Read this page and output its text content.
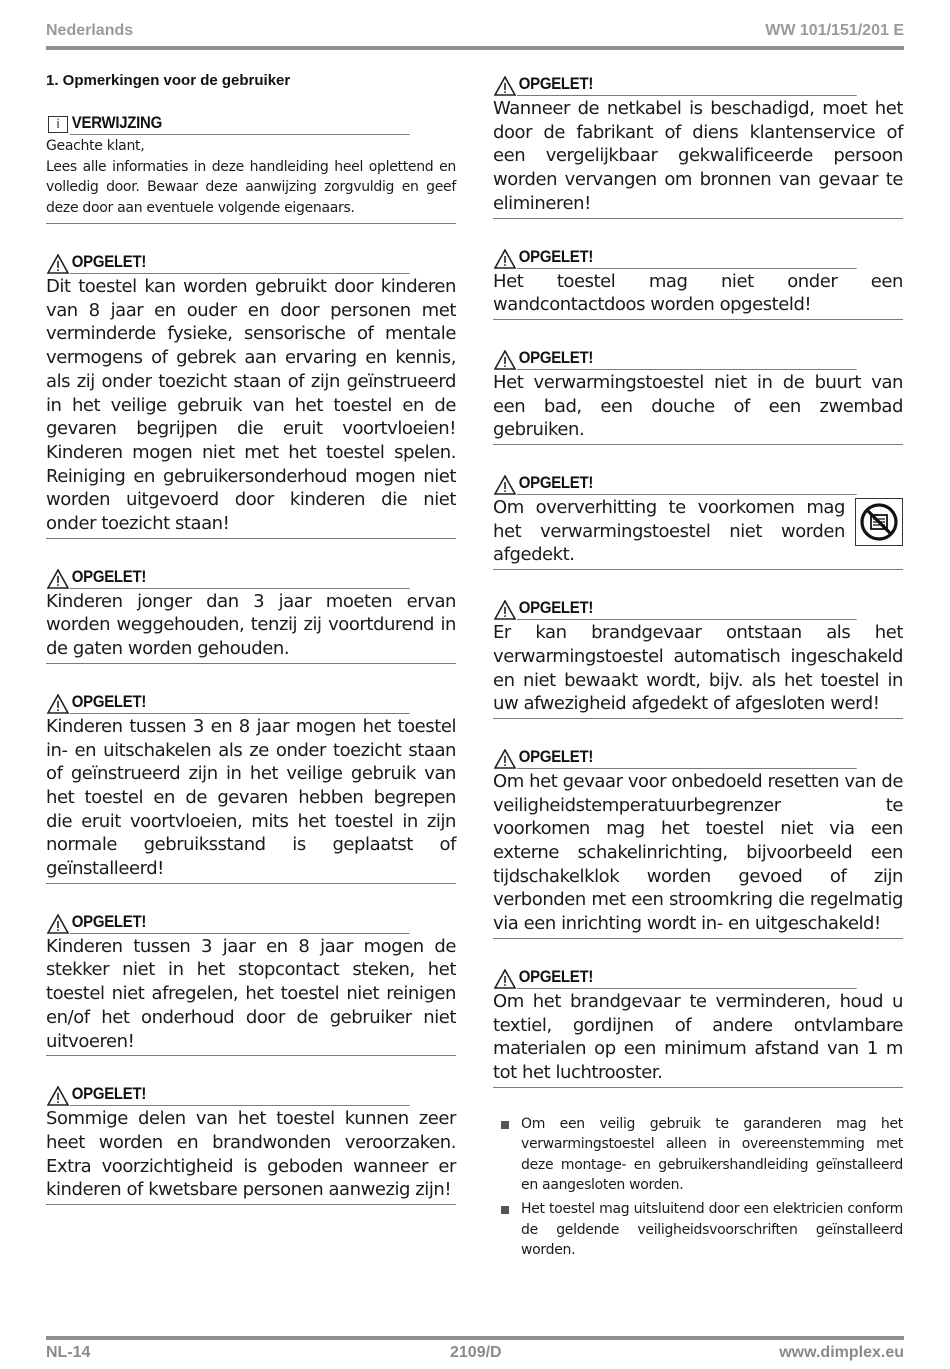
Nederlands	WW 101/151/201 E
1. Opmerkingen voor de gebruiker
i VERWIJZING
Geachte klant,
Lees alle informaties in deze handleiding heel oplettend en volledig door. Bewaar deze aanwijzing zorgvuldig en geef deze door aan eventuele volgende eigenaars.
OPGELET!
Dit toestel kan worden gebruikt door kinderen van 8 jaar en ouder en door personen met verminderde fysieke, sensorische of mentale vermogens of gebrek aan ervaring en kennis, als zij onder toezicht staan of zijn geïnstrueerd in het veilige gebruik van het toestel en de gevaren begrijpen die eruit voortvloeien! Kinderen mogen niet met het toestel spelen. Reiniging en gebruikersonderhoud mogen niet worden uitgevoerd door kinderen die niet onder toezicht staan!
OPGELET!
Kinderen jonger dan 3 jaar moeten ervan worden weggehouden, tenzij zij voortdurend in de gaten worden gehouden.
OPGELET!
Kinderen tussen 3 en 8 jaar mogen het toestel in- en uitschakelen als ze onder toezicht staan of geïnstrueerd zijn in het veilige gebruik van het toestel en de gevaren hebben begrepen die eruit voortvloeien, mits het toestel in zijn normale gebruiksstand is geplaatst of geïnstalleerd!
OPGELET!
Kinderen tussen 3 jaar en 8 jaar mogen de stekker niet in het stopcontact steken, het toestel niet afregelen, het toestel niet reinigen en/of het onderhoud door de gebruiker niet uitvoeren!
OPGELET!
Sommige delen van het toestel kunnen zeer heet worden en brandwonden veroorzaken. Extra voorzichtigheid is geboden wanneer er kinderen of kwetsbare personen aanwezig zijn!
OPGELET!
Wanneer de netkabel is beschadigd, moet het door de fabrikant of diens klantenservice of een vergelijkbaar gekwalificeerde persoon worden vervangen om bronnen van gevaar te elimineren!
OPGELET!
Het toestel mag niet onder een wandcontactdoos worden opgesteld!
OPGELET!
Het verwarmingstoestel niet in de buurt van een bad, een douche of een zwembad gebruiken.
OPGELET!
Om oververhitting te voorkomen mag het verwarmingstoestel niet worden afgedekt.
OPGELET!
Er kan brandgevaar ontstaan als het verwarmingstoestel automatisch ingeschakeld en niet bewaakt wordt, bijv. als het toestel in uw afwezigheid afgedekt of afgesloten werd!
OPGELET!
Om het gevaar voor onbedoeld resetten van de veiligheidstemperatuurbegrenzer te voorkomen mag het toestel niet via een externe schakelinrichting, bijvoorbeeld een tijdschakelklok worden gevoed of zijn verbonden met een stroomkring die regelmatig via een inrichting wordt in- en uitgeschakeld!
OPGELET!
Om het brandgevaar te verminderen, houd u textiel, gordijnen of andere ontvlambare materialen op een minimum afstand van 1 m tot het luchtrooster.
Om een veilig gebruik te garanderen mag het verwarmingstoestel alleen in overeenstemming met deze montage- en gebruikershandleiding geïnstalleerd en aangesloten worden.
Het toestel mag uitsluitend door een elektricien conform de geldende veiligheidsvoorschriften geïnstalleerd worden.
NL-14	2109/D	www.dimplex.eu
